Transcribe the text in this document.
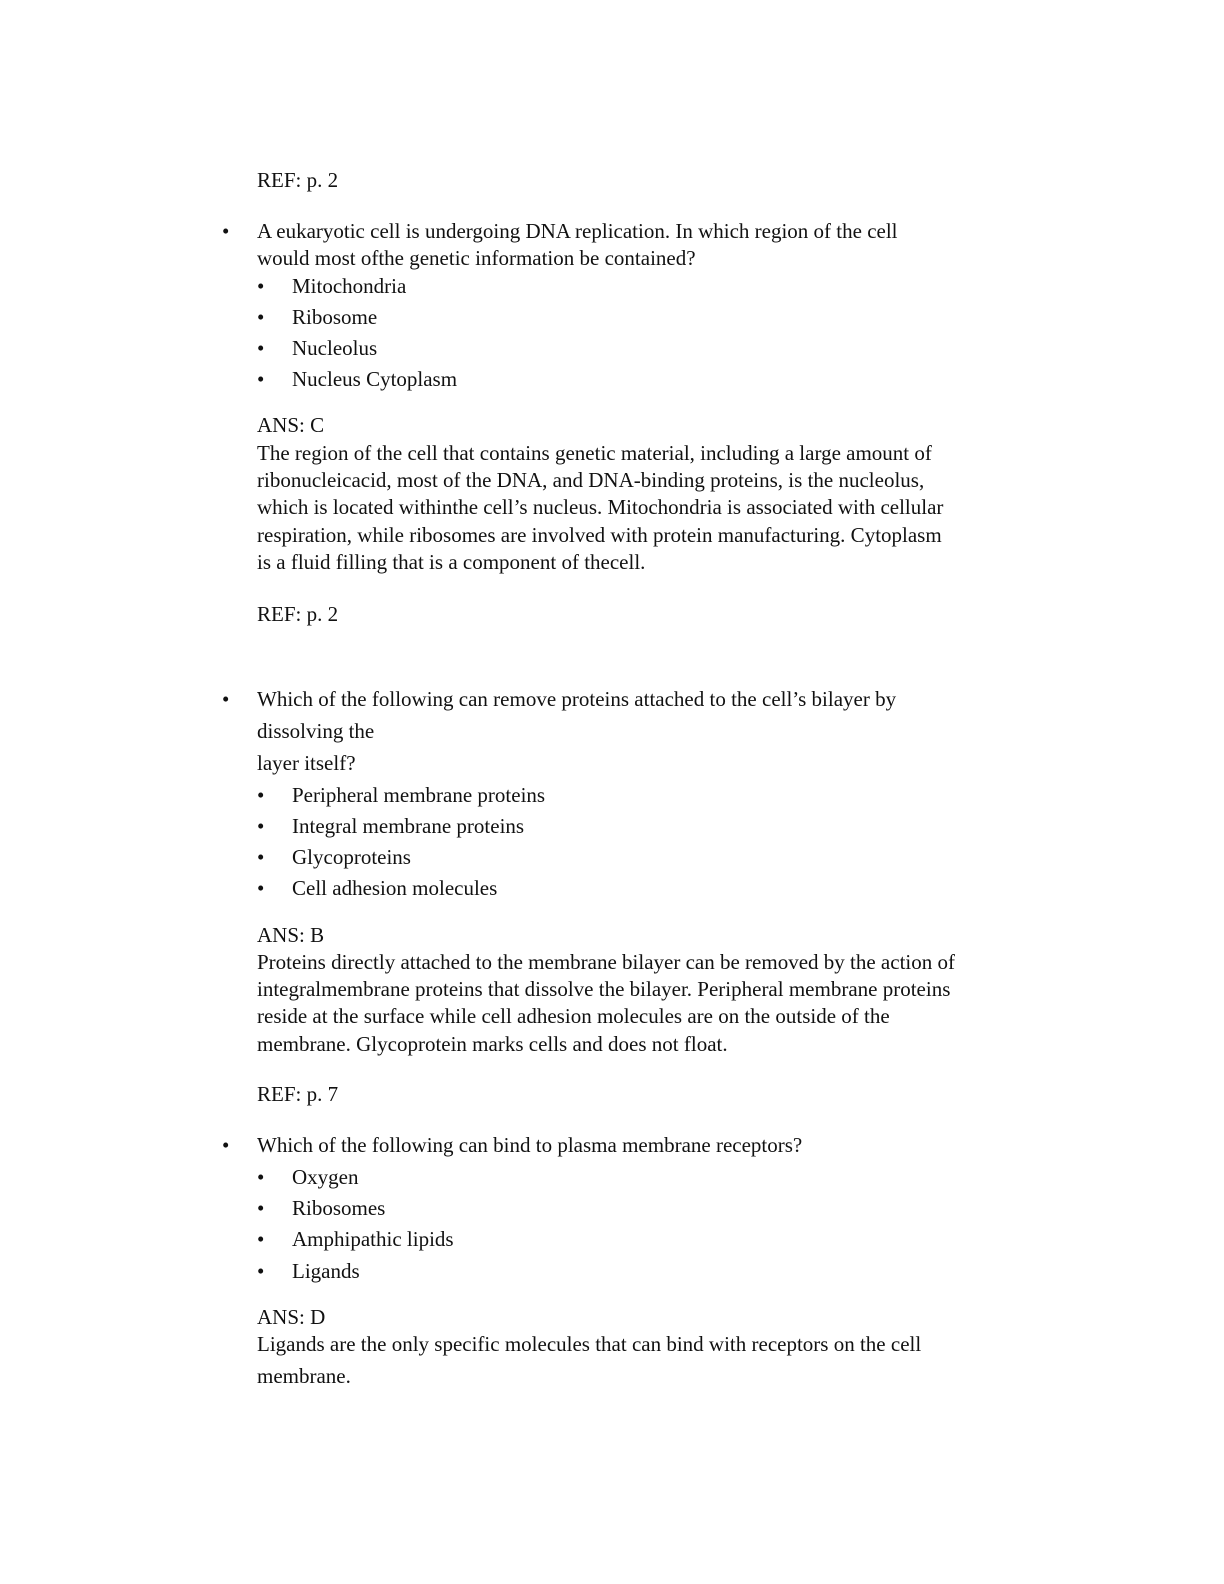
REF: p. 2
• A eukaryotic cell is undergoing DNA replication. In which region of the cell
would most ofthe genetic information be contained?
• Mitochondria
• Ribosome
• Nucleolus
• Nucleus Cytoplasm
ANS: C
The region of the cell that contains genetic material, including a large amount of
ribonucleicacid, most of the DNA, and DNA-binding proteins, is the nucleolus,
which is located withinthe cell’s nucleus. Mitochondria is associated with cellular
respiration, while ribosomes are involved with protein manufacturing. Cytoplasm
is a fluid filling that is a component of thecell.
REF: p. 2
• Which of the following can remove proteins attached to the cell’s bilayer by
dissolving the
layer itself?
• Peripheral membrane proteins
• Integral membrane proteins
• Glycoproteins
• Cell adhesion molecules
ANS: B
Proteins directly attached to the membrane bilayer can be removed by the action of
integralmembrane proteins that dissolve the bilayer. Peripheral membrane proteins
reside at the surface while cell adhesion molecules are on the outside of the
membrane. Glycoprotein marks cells and does not float.
REF: p. 7
• Which of the following can bind to plasma membrane receptors?
• Oxygen
• Ribosomes
• Amphipathic lipids
• Ligands
ANS: D
Ligands are the only specific molecules that can bind with receptors on the cell
membrane.
